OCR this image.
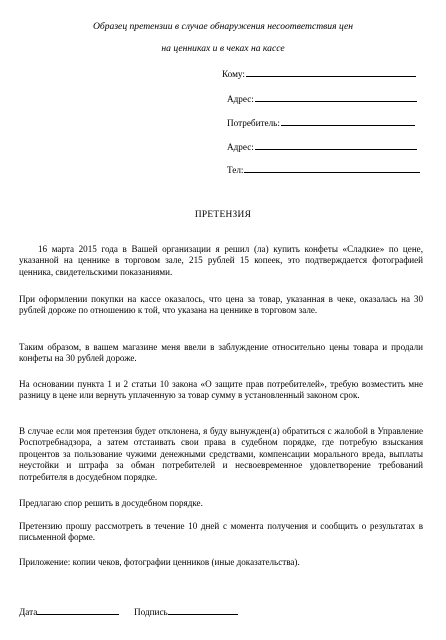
Образец претензии в случае обнаружения несоответствия цен
на ценниках и в чеках на кассе
Кому:
Адрес:
Потребитель:
Адрес:
Тел:
ПРЕТЕНЗИЯ

16 марта 2015 года в Вашей организации я решил (ла) купить конфеты «Сладкие» по цене, указанной на ценнике в торговом зале, 215 рублей 15 копеек, это подтверждается фотографией ценника, свидетельскими показаниями.

При оформлении покупки на кассе оказалось, что цена за товар, указанная в чеке, оказалась на 30 рублей дороже по отношению к той, что указана на ценнике в торговом зале.

Таким образом, в вашем магазине меня ввели в заблуждение относительно цены товара и продали конфеты на 30 рублей дороже.

На основании пункта 1 и 2 статьи 10 закона «О защите прав потребителей», требую возместить мне разницу в цене или вернуть уплаченную за товар сумму в установленный законом срок.

В случае если моя претензия будет отклонена, я буду вынужден(а) обратиться с жалобой в Управление Роспотребнадзора, а затем отстаивать свои права в судебном порядке, где потребую взыскания процентов за пользование чужими денежными средствами, компенсации морального вреда, выплаты неустойки и штрафа за обман потребителей и несвоевременное удовлетворение требований потребителя в досудебном порядке.

Предлагаю спор решить в досудебном порядке.

Претензию прошу рассмотреть в течение 10 дней с момента получения и сообщить о результатах в письменной форме.

Приложение: копии чеков, фотографии ценников (иные доказательства).

Дата	Подпись
